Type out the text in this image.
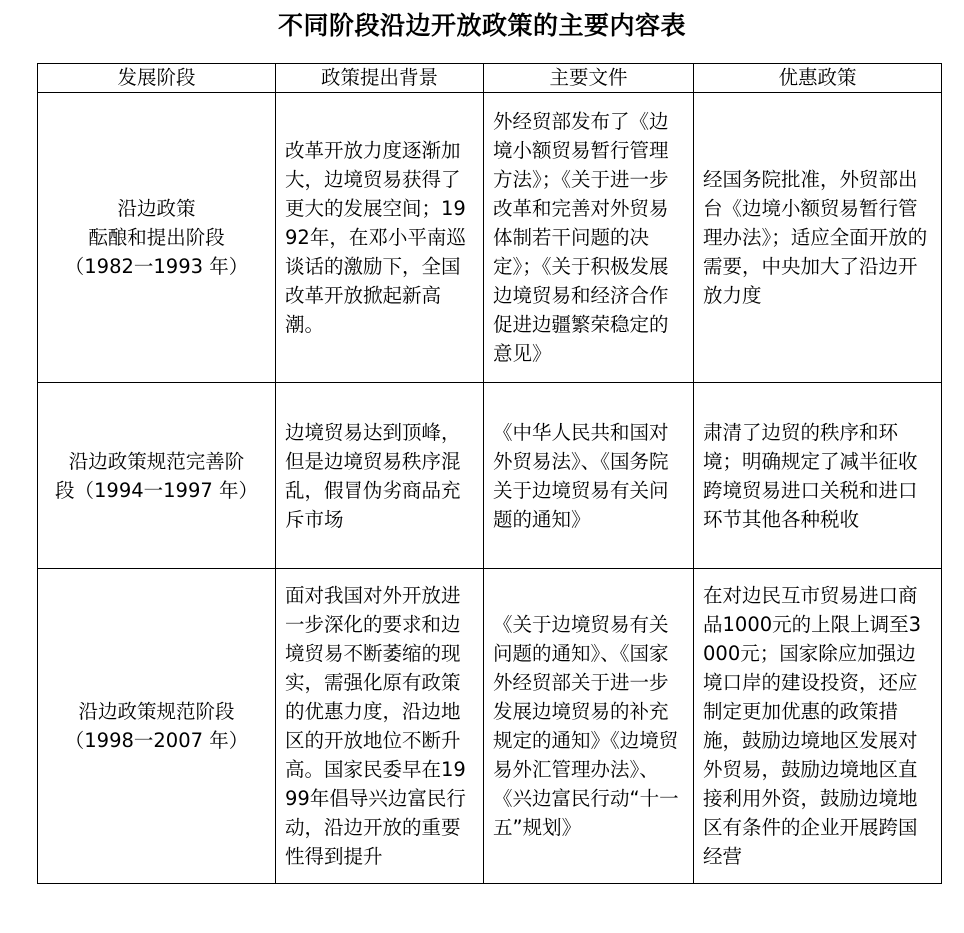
不同阶段沿边开放政策的主要内容表
发展阶段	政策提出背景	主要文件	优惠政策

沿边政策
酝酿和提出阶段
（1982一1993 年）	改革开放力度逐渐加大，边境贸易获得了更大的发展空间；1992年，在邓小平南巡谈话的激励下，全国改革开放掀起新高潮。	外经贸部发布了《边境小额贸易暂行管理方法》；《关于进一步改革和完善对外贸易体制若干问题的决定》；《关于积极发展边境贸易和经济合作促进边疆繁荣稳定的意见》	经国务院批准，外贸部出台《边境小额贸易暂行管理办法》；适应全面开放的需要，中央加大了沿边开放力度

沿边政策规范完善阶
段（1994一1997 年）	边境贸易达到顶峰，但是边境贸易秩序混乱，假冒伪劣商品充斥市场	《中华人民共和国对外贸易法》、《国务院关于边境贸易有关问题的通知》	肃清了边贸的秩序和环境；明确规定了减半征收跨境贸易进口关税和进口环节其他各种税收

沿边政策规范阶段
（1998一2007 年）	面对我国对外开放进一步深化的要求和边境贸易不断萎缩的现实，需强化原有政策的优惠力度，沿边地区的开放地位不断升高。国家民委早在1999年倡导兴边富民行动，沿边开放的重要性得到提升	《关于边境贸易有关问题的通知》、《国家外经贸部关于进一步发展边境贸易的补充规定的通知》《边境贸易外汇管理办法》、《兴边富民行动“十一五”规划》	在对边民互市贸易进口商品1000元的上限上调至3000元；国家除应加强边境口岸的建设投资，还应制定更加优惠的政策措施，鼓励边境地区发展对外贸易，鼓励边境地区直接利用外资，鼓励边境地区有条件的企业开展跨国经营
